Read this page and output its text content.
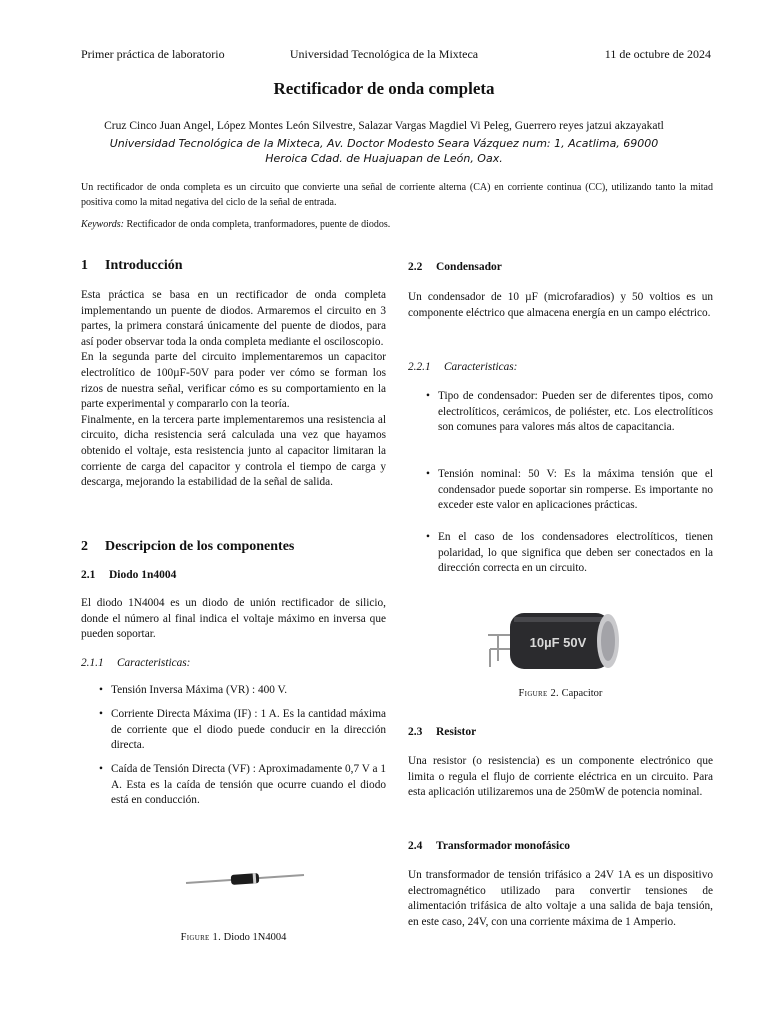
Primer práctica de laboratorio	Universidad Tecnológica de la Mixteca	11 de octubre de 2024
Rectificador de onda completa
Cruz Cinco Juan Angel, López Montes León Silvestre, Salazar Vargas Magdiel Vi Peleg, Guerrero reyes jatzui akzayakatl
Universidad Tecnológica de la Mixteca, Av. Doctor Modesto Seara Vázquez num: 1, Acatlima, 69000 Heroica Cdad. de Huajuapan de León, Oax.

Un rectificador de onda completa es un circuito que convierte una señal de corriente alterna (CA) en corriente continua (CC), utilizando tanto la mitad positiva como la mitad negativa del ciclo de la señal de entrada.

Keywords: Rectificador de onda completa, tranformadores, puente de diodos.
1 Introducción

Esta práctica se basa en un rectificador de onda completa implementando un puente de diodos. Armaremos el circuito en 3 partes, la primera constará únicamente del puente de diodos, para así poder observar toda la onda completa mediante el osciloscopio.

En la segunda parte del circuito implementaremos un capacitor electrolítico de 100µF-50V para poder ver cómo se forman los rizos de nuestra señal, verificar cómo es su comportamiento en la parte experimental y compararlo con la teoría.

Finalmente, en la tercera parte implementaremos una resistencia al circuito, dicha resistencia será calculada una vez que hayamos obtenido el voltaje, esta resistencia junto al capacitor limitaran la corriente de carga del capacitor y controla el tiempo de carga y descarga, mejorando la estabilidad de la señal de salida.

2 Descripcion de los componentes
2.1 Diodo 1n4004

El diodo 1N4004 es un diodo de unión rectificador de silicio, donde el número al final indica el voltaje máximo en inversa que pueden soportar.

2.1.1 Caracteristicas:
• Tensión Inversa Máxima (VR) : 400 V.
• Corriente Directa Máxima (IF) : 1 A. Es la cantidad máxima de corriente que el diodo puede conducir en la dirección directa.
• Caída de Tensión Directa (VF) : Aproximadamente 0,7 V a 1 A. Esta es la caída de tensión que ocurre cuando el diodo está en conducción.
Figure 1. Diodo 1N4004
2.2 Condensador

Un condensador de 10 µF (microfaradios) y 50 voltios es un componente eléctrico que almacena energía en un campo eléctrico.

2.2.1 Caracteristicas:
• Tipo de condensador: Pueden ser de diferentes tipos, como electrolíticos, cerámicos, de poliéster, etc. Los electrolíticos son comunes para valores más altos de capacitancia.
• Tensión nominal: 50 V: Es la máxima tensión que el condensador puede soportar sin romperse. Es importante no exceder este valor en aplicaciones prácticas.
• En el caso de los condensadores electrolíticos, tienen polaridad, lo que significa que deben ser conectados en la dirección correcta en un circuito.
10µF 50V
Figure 2. Capacitor
2.3 Resistor

Una resistor (o resistencia) es un componente electrónico que limita o regula el flujo de corriente eléctrica en un circuito. Para esta aplicación utilizaremos una de 250mW de potencia nominal.

2.4 Transformador monofásico

Un transformador de tensión trifásico a 24V 1A es un dispositivo electromagnético utilizado para convertir tensiones de alimentación trifásica de alto voltaje a una salida de baja tensión, en este caso, 24V, con una corriente máxima de 1 Amperio.
